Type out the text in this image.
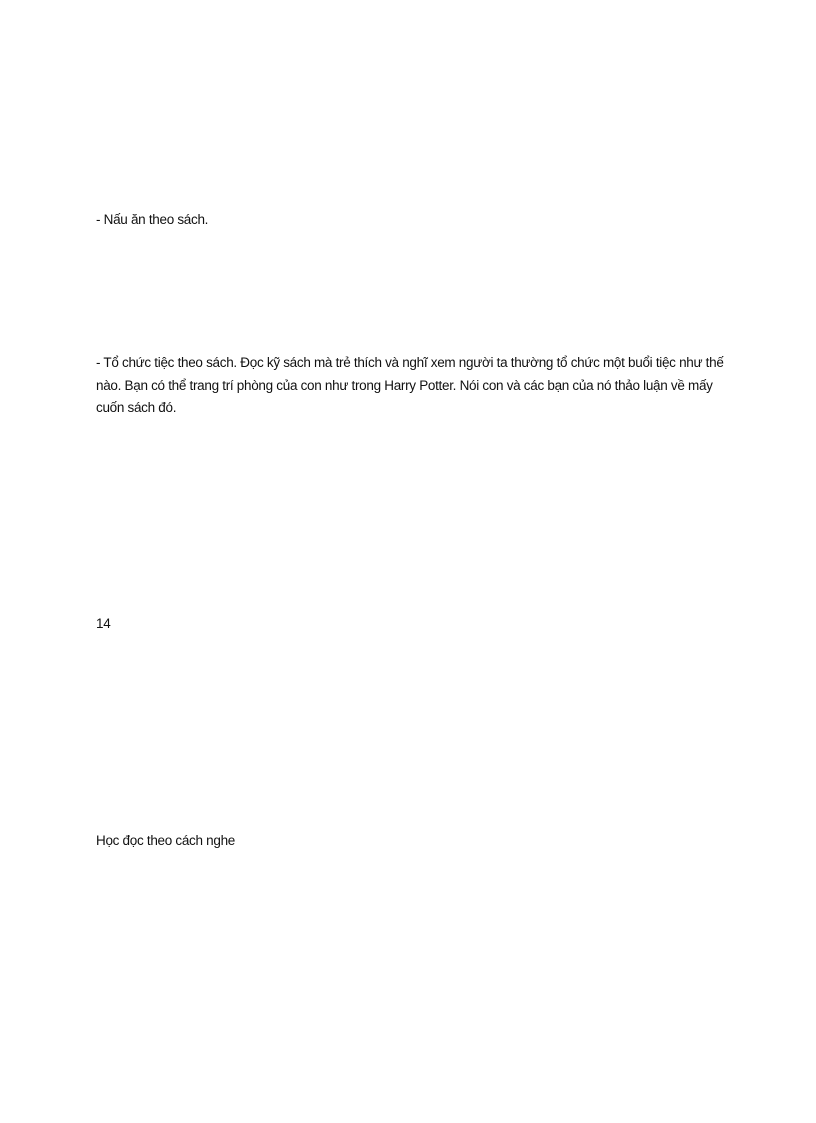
- Nấu ăn theo sách.

- Tổ chức tiệc theo sách. Đọc kỹ sách mà trẻ thích và nghĩ xem người ta thường tổ chức một buổi tiệc như thế nào. Bạn có thể trang trí phòng của con như trong Harry Potter. Nói con và các bạn của nó thảo luận về mấy cuốn sách đó.

14

Học đọc theo cách nghe
